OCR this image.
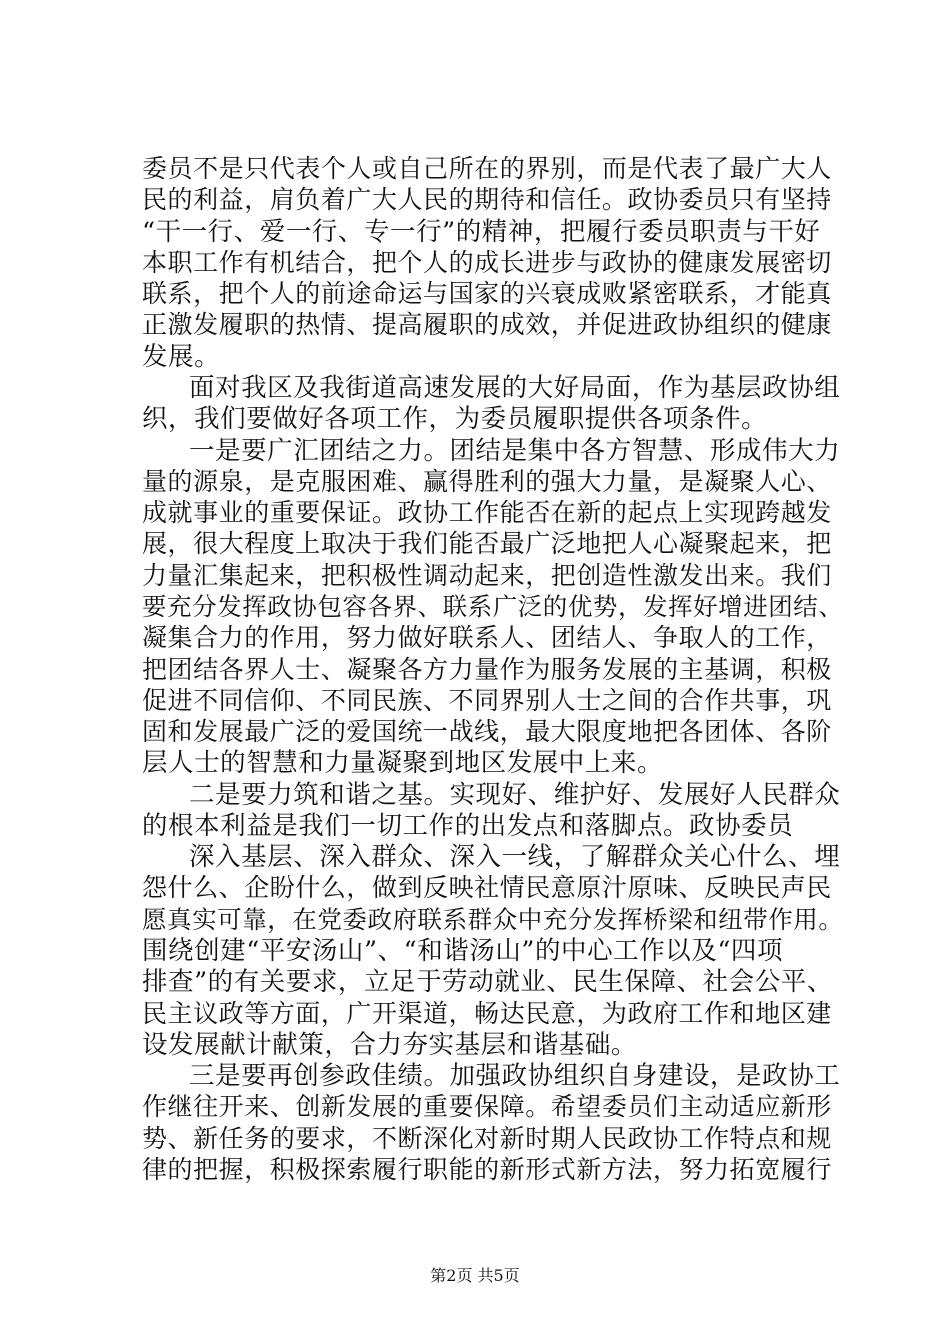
委员不是只代表个人或自己所在的界别，而是代表了最广大人
民的利益，肩负着广大人民的期待和信任。政协委员只有坚持
“干一行、爱一行、专一行”的精神，把履行委员职责与干好
本职工作有机结合，把个人的成长进步与政协的健康发展密切
联系，把个人的前途命运与国家的兴衰成败紧密联系，才能真
正激发履职的热情、提高履职的成效，并促进政协组织的健康
发展。
面对我区及我街道高速发展的大好局面，作为基层政协组
织，我们要做好各项工作，为委员履职提供各项条件。
一是要广汇团结之力。团结是集中各方智慧、形成伟大力
量的源泉，是克服困难、赢得胜利的强大力量，是凝聚人心、
成就事业的重要保证。政协工作能否在新的起点上实现跨越发
展，很大程度上取决于我们能否最广泛地把人心凝聚起来，把
力量汇集起来，把积极性调动起来，把创造性激发出来。我们
要充分发挥政协包容各界、联系广泛的优势，发挥好增进团结、
凝集合力的作用，努力做好联系人、团结人、争取人的工作，
把团结各界人士、凝聚各方力量作为服务发展的主基调，积极
促进不同信仰、不同民族、不同界别人士之间的合作共事，巩
固和发展最广泛的爱国统一战线，最大限度地把各团体、各阶
层人士的智慧和力量凝聚到地区发展中上来。
二是要力筑和谐之基。实现好、维护好、发展好人民群众
的根本利益是我们一切工作的出发点和落脚点。政协委员
深入基层、深入群众、深入一线，了解群众关心什么、埋
怨什么、企盼什么，做到反映社情民意原汁原味、反映民声民
愿真实可靠，在党委政府联系群众中充分发挥桥梁和纽带作用。
围绕创建“平安汤山”、“和谐汤山”的中心工作以及“四项
排查”的有关要求，立足于劳动就业、民生保障、社会公平、
民主议政等方面，广开渠道，畅达民意，为政府工作和地区建
设发展献计献策，合力夯实基层和谐基础。
三是要再创参政佳绩。加强政协组织自身建设，是政协工
作继往开来、创新发展的重要保障。希望委员们主动适应新形
势、新任务的要求，不断深化对新时期人民政协工作特点和规
律的把握，积极探索履行职能的新形式新方法，努力拓宽履行
第2页 共5页
